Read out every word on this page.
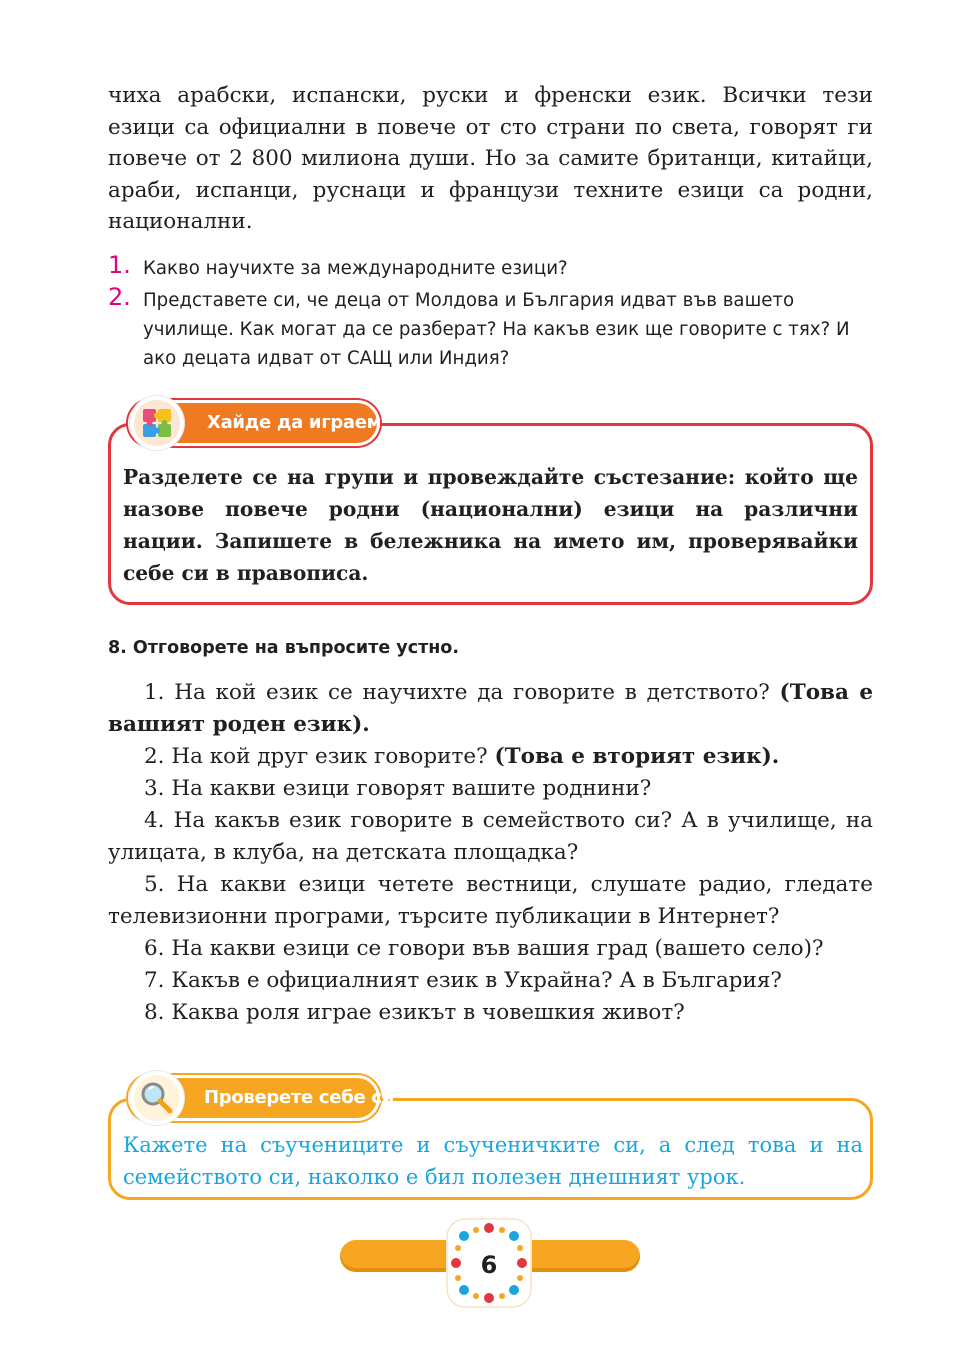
чиха арабски, испански, руски и френски език. Всички тези езици са официални в повече от сто страни по света, говорят ги повече от 2 800 милиона души. Но за самите британци, китайци, араби, испанци, руснаци и французи техните езици са родни, национални.
1. Какво научихте за международните езици?
2. Представете си, че деца от Молдова и България идват във вашето училище. Как могат да се разберат? На какъв език ще говорите с тях? И ако децата идват от САЩ или Индия?
Хайде да играем
Разделете се на групи и провеждайте състезание: който ще назове повече родни (национални) езици на различни нации. Запишете в бележника на името им, проверявайки себе си в правописа.
8. Отговорете на въпросите устно.

1. На кой език се научихте да говорите в детството? (Това е вашият роден език).

2. На кой друг език говорите? (Това е вторият език).

3. На какви езици говорят вашите роднини?

4. На какъв език говорите в семейството си? А в училище, на улицата, в клуба, на детската площадка?

5. На какви езици четете вестници, слушате радио, гледате телевизионни програми, търсите публикации в Интернет?

6. На какви езици се говори във вашия град (вашето село)?

7. Какъв е официалният език в Украйна? А в България?

8. Каква роля играе езикът в човешкия живот?

Проверете себе си
Кажете на съучениците и съученичките си, а след това и на семейството си, наколко е бил полезен днешният урок.
6
